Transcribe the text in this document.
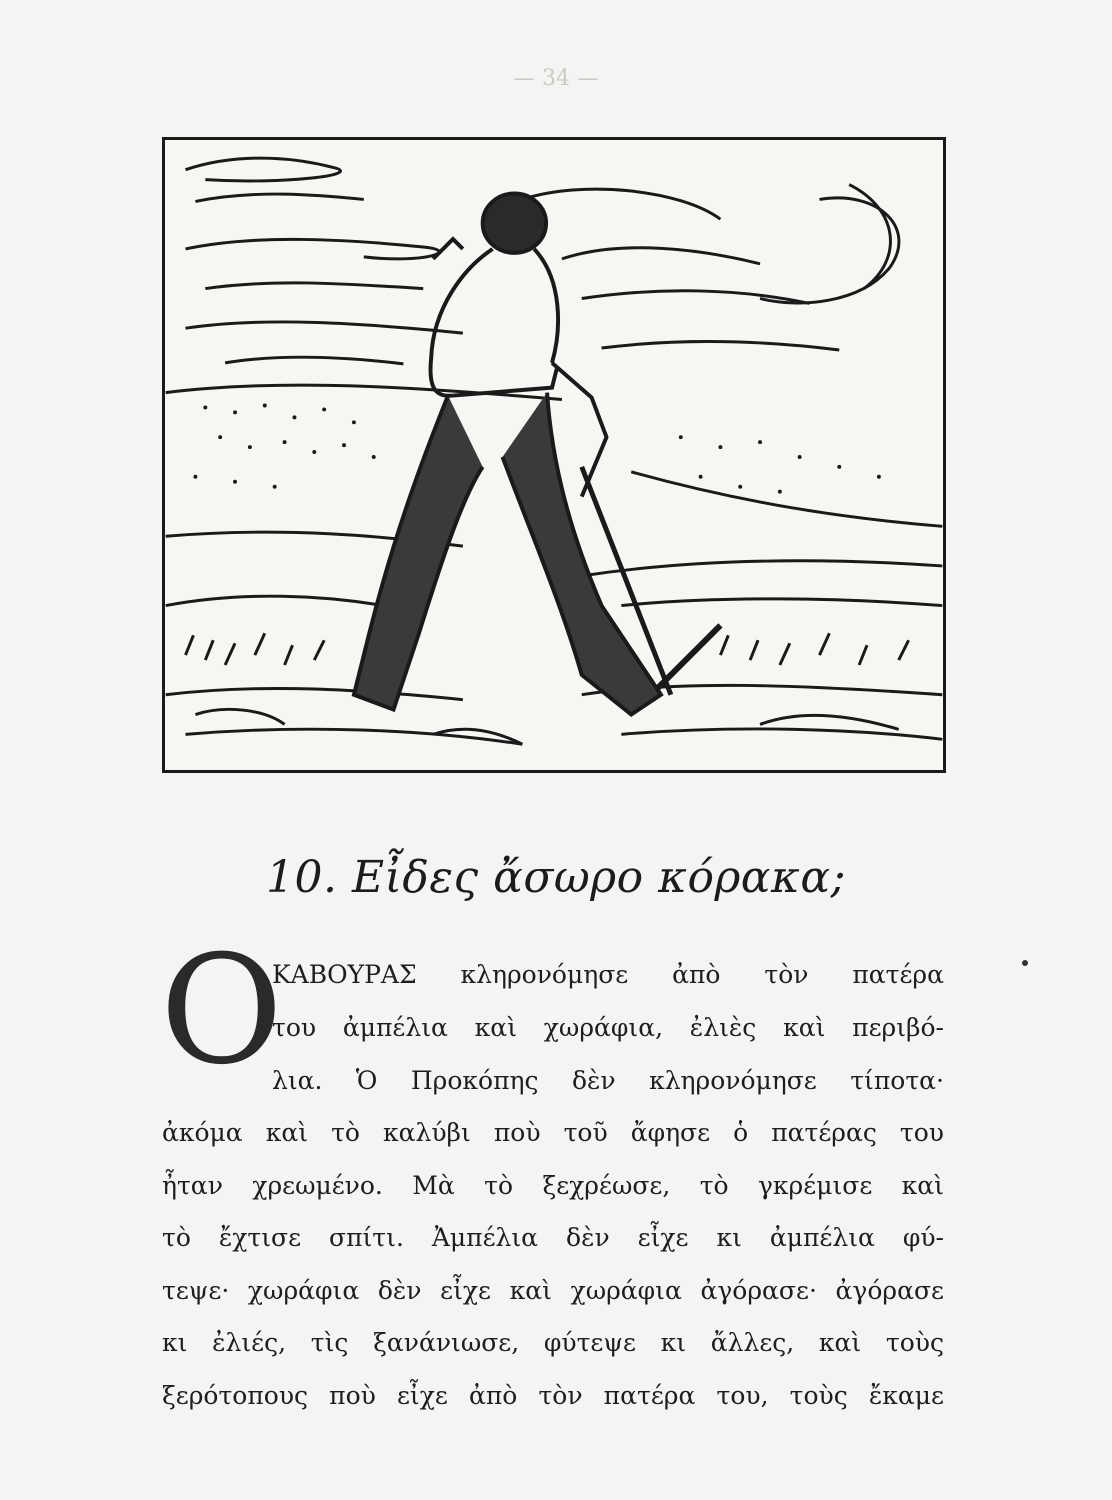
— 34 —
10. Εἶδες ἄσωρο κόρακα;
Ο
ΚΑΒΟΥΡΑΣ κληρονόμησε ἀπὸ τὸν πατέρα
του ἀμπέλια καὶ χωράφια, ἐλιὲς καὶ περιβό-
λια. Ὁ Προκόπης δὲν κληρονόμησε τίποτα·
ἀκόμα καὶ τὸ καλύβι ποὺ τοῦ ἄφησε ὁ πατέρας του
ἦταν χρεωμένο. Μὰ τὸ ξεχρέωσε, τὸ γκρέμισε καὶ
τὸ ἔχτισε σπίτι. Ἀμπέλια δὲν εἶχε κι ἀμπέλια φύ-
τεψε· χωράφια δὲν εἶχε καὶ χωράφια ἀγόρασε· ἀγόρασε
κι ἐλιές, τὶς ξανάνιωσε, φύτεψε κι ἄλλες, καὶ τοὺς
ξερότοπους ποὺ εἶχε ἀπὸ τὸν πατέρα του, τοὺς ἔκαμε
